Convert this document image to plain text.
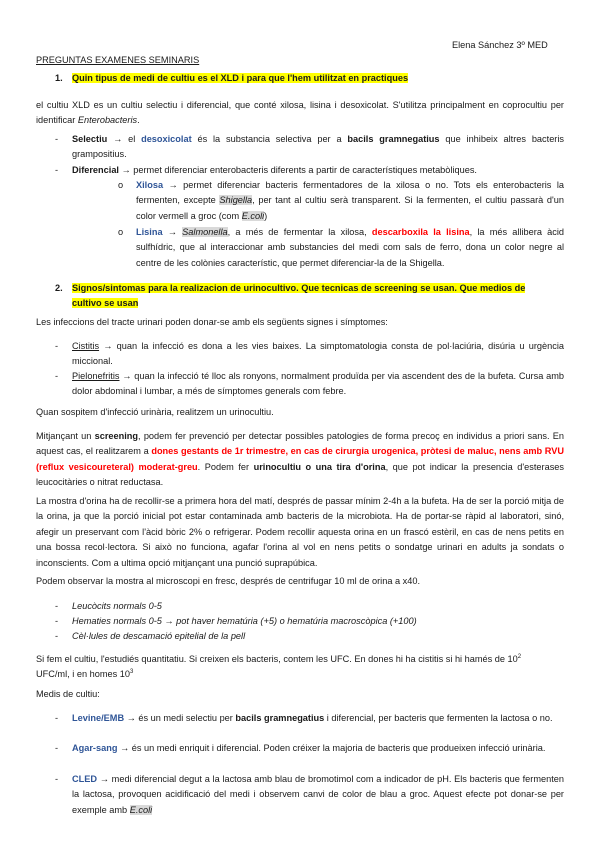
Elena Sánchez 3º MED
PREGUNTAS EXAMENES SEMINARIS
1. Quin tipus de medi de cultiu es el XLD i para que l'hem utilitzat en practiques
el cultiu XLD es un cultiu selectiu i diferencial, que conté xilosa, lisina i desoxicolat. S'utilitza principalment en coprocultiu per identificar Enterobacteris.
- Selectiu → el desoxicolat és la substancia selectiva per a bacils gramnegatius que inhibeix altres bacteris grampositius.
- Diferencial → permet diferenciar enterobacteris diferents a partir de característiques metabòliques.
o Xilosa → permet diferenciar bacteris fermentadores de la xilosa o no. Tots els enterobacteris la fermenten, excepte Shigella, per tant al cultiu serà transparent. Si la fermenten, el cultiu passarà d'un color vermell a groc (com E.coli)
o Lisina → Salmonella, a més de fermentar la xilosa, descarboxila la lisina, la més allibera àcid sulfhídric, que al interaccionar amb substancies del medi com sals de ferro, dona un color negre al centre de les colònies característic, que permet diferenciar-la de la Shigella.
2. Signos/sintomas para la realizacion de urinocultivo. Que tecnicas de screening se usan. Que medios de
cultivo se usan
Les infeccions del tracte urinari poden donar-se amb els següents signes i símptomes:
- Cistitis → quan la infecció es dona a les vies baixes. La simptomatologia consta de pol·laciúria, disúria u urgència miccional.
- Pielonefritis → quan la infecció té lloc als ronyons, normalment produïda per via ascendent des de la bufeta. Cursa amb dolor abdominal i lumbar, a més de símptomes generals com febre.
Quan sospitem d'infecció urinària, realitzem un urinocultiu.
Mitjançant un screening, podem fer prevenció per detectar possibles patologies de forma precoç en individus a priori sans. En aquest cas, el realitzarem a dones gestants de 1r trimestre, en cas de cirurgia urogenica, pròtesi de maluc, nens amb RVU (reflux vesicoureteral) moderat-greu. Podem fer urinocultiu o una tira d'orina, que pot indicar la presencia d'esterases leucocitàries o nitrat reductasa.
La mostra d'orina ha de recollir-se a primera hora del matí, després de passar mínim 2-4h a la bufeta. Ha de ser la porció mitja de la orina, ja que la porció inicial pot estar contaminada amb bacteris de la microbiota. Ha de portar-se ràpid al laboratori, sinó, afegir un preservant com l'àcid bòric 2% o refrigerar. Podem recollir aquesta orina en un frascó estèril, en cas de nens petits en una bossa recol·lectora. Si això no funciona, agafar l'orina al vol en nens petits o sondatge urinari en adults ja sondats o inconscients. Com a ultima opció mitjançant una punció suprapúbica.
Podem observar la mostra al microscopi en fresc, després de centrifugar 10 ml de orina a x40.
- Leucòcits normals 0-5
- Hematies normals 0-5 → pot haver hematúria (+5) o hematúria macroscòpica (+100)
- Cèl·lules de descamació epitelial de la pell
Si fem el cultiu, l'estudiés quantitatiu. Si creixen els bacteris, contem les UFC. En dones hi ha cistitis si hi hamés de $10^2$
UFC/ml, i en homes $10^3$
Medis de cultiu:
- Levine/EMB → és un medi selectiu per bacils gramnegatius i diferencial, per bacteris que fermenten la lactosa o no.
- Agar-sang → és un medi enriquit i diferencial. Poden créixer la majoria de bacteris que produeixen infecció urinària.
- CLED → medi diferencial degut a la lactosa amb blau de bromotimol com a indicador de pH. Els bacteris que fermenten la lactosa, provoquen acidificació del medi i observem canvi de color de blau a groc. Aquest efecte pot donar-se per exemple amb E.coli
